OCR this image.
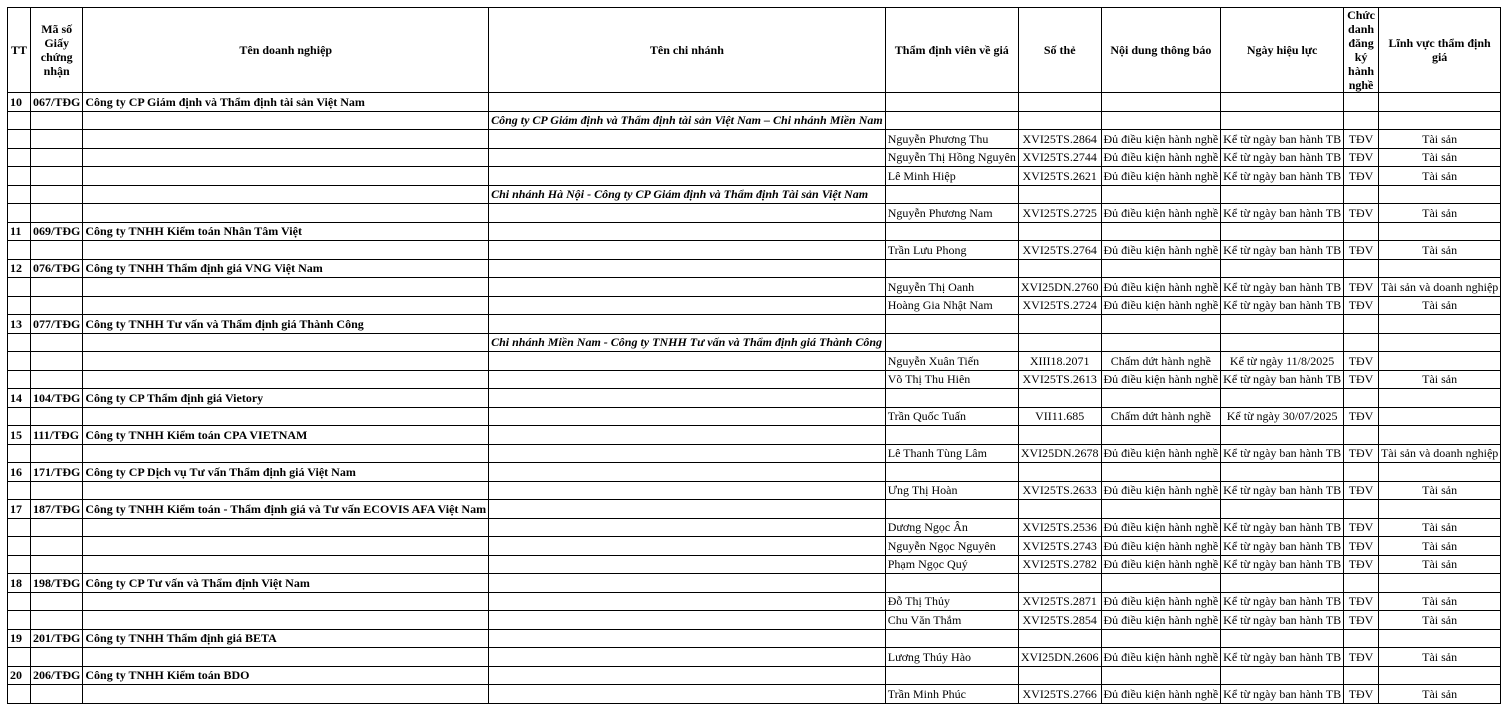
TT	Mã số Giấy chứng nhận	Tên doanh nghiệp	Tên chi nhánh	Thẩm định viên về giá	Số thẻ	Nội dung thông báo	Ngày hiệu lực	Chức danh đăng ký hành nghề	Lĩnh vực thẩm định giá
10	067/TĐG	Công ty CP Giám định và Thẩm định tài sản Việt Nam							
			Công ty CP Giám định và Thẩm định tài sản Việt Nam – Chi nhánh Miền Nam						
				Nguyễn Phương Thu	XVI25TS.2864	Đủ điều kiện hành nghề	Kể từ ngày ban hành TB	TĐV	Tài sản
				Nguyễn Thị Hồng Nguyên	XVI25TS.2744	Đủ điều kiện hành nghề	Kể từ ngày ban hành TB	TĐV	Tài sản
				Lê Minh Hiệp	XVI25TS.2621	Đủ điều kiện hành nghề	Kể từ ngày ban hành TB	TĐV	Tài sản
			Chi nhánh Hà Nội - Công ty CP Giám định và Thẩm định Tài sản Việt Nam						
				Nguyễn Phương Nam	XVI25TS.2725	Đủ điều kiện hành nghề	Kể từ ngày ban hành TB	TĐV	Tài sản
11	069/TĐG	Công ty TNHH Kiểm toán Nhân Tâm Việt							
				Trần Lưu Phong	XVI25TS.2764	Đủ điều kiện hành nghề	Kể từ ngày ban hành TB	TĐV	Tài sản
12	076/TĐG	Công ty TNHH Thẩm định giá VNG Việt Nam							
				Nguyễn Thị Oanh	XVI25DN.2760	Đủ điều kiện hành nghề	Kể từ ngày ban hành TB	TĐV	Tài sản và doanh nghiệp
				Hoàng Gia Nhật Nam	XVI25TS.2724	Đủ điều kiện hành nghề	Kể từ ngày ban hành TB	TĐV	Tài sản
13	077/TĐG	Công ty TNHH Tư vấn và Thẩm định giá Thành Công							
			Chi nhánh Miền Nam - Công ty TNHH Tư vấn và Thẩm định giá Thành Công						
				Nguyễn Xuân Tiến	XIII18.2071	Chấm dứt hành nghề	Kể từ ngày 11/8/2025	TĐV	
				Võ Thị Thu Hiên	XVI25TS.2613	Đủ điều kiện hành nghề	Kể từ ngày ban hành TB	TĐV	Tài sản
14	104/TĐG	Công ty CP Thẩm định giá Vietory							
				Trần Quốc Tuấn	VII11.685	Chấm dứt hành nghề	Kể từ ngày 30/07/2025	TĐV	
15	111/TĐG	Công ty TNHH Kiểm toán CPA VIETNAM							
				Lê Thanh Tùng Lâm	XVI25DN.2678	Đủ điều kiện hành nghề	Kể từ ngày ban hành TB	TĐV	Tài sản và doanh nghiệp
16	171/TĐG	Công ty CP Dịch vụ Tư vấn Thẩm định giá Việt Nam							
				Ưng Thị Hoàn	XVI25TS.2633	Đủ điều kiện hành nghề	Kể từ ngày ban hành TB	TĐV	Tài sản
17	187/TĐG	Công ty TNHH Kiểm toán - Thẩm định giá và Tư vấn ECOVIS AFA Việt Nam							
				Dương Ngọc Ân	XVI25TS.2536	Đủ điều kiện hành nghề	Kể từ ngày ban hành TB	TĐV	Tài sản
				Nguyễn Ngọc Nguyên	XVI25TS.2743	Đủ điều kiện hành nghề	Kể từ ngày ban hành TB	TĐV	Tài sản
				Phạm Ngọc Quý	XVI25TS.2782	Đủ điều kiện hành nghề	Kể từ ngày ban hành TB	TĐV	Tài sản
18	198/TĐG	Công ty CP Tư vấn và Thẩm định Việt Nam							
				Đỗ Thị Thủy	XVI25TS.2871	Đủ điều kiện hành nghề	Kể từ ngày ban hành TB	TĐV	Tài sản
				Chu Văn Thắm	XVI25TS.2854	Đủ điều kiện hành nghề	Kể từ ngày ban hành TB	TĐV	Tài sản
19	201/TĐG	Công ty TNHH Thẩm định giá BETA							
				Lương Thúy Hào	XVI25DN.2606	Đủ điều kiện hành nghề	Kể từ ngày ban hành TB	TĐV	Tài sản
20	206/TĐG	Công ty TNHH Kiểm toán BDO							
				Trần Minh Phúc	XVI25TS.2766	Đủ điều kiện hành nghề	Kể từ ngày ban hành TB	TĐV	Tài sản
